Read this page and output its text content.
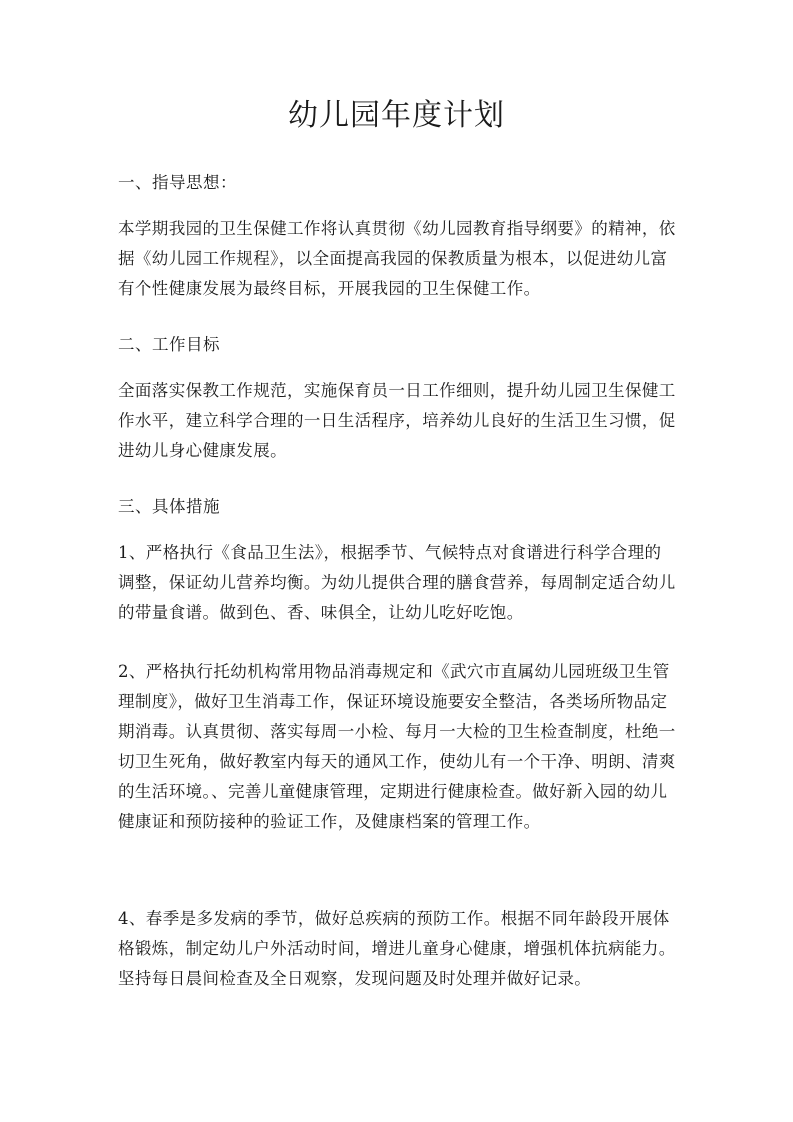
幼儿园年度计划

一、指导思想：

本学期我园的卫生保健工作将认真贯彻《幼儿园教育指导纲要》的精神，依据《幼儿园工作规程》，以全面提高我园的保教质量为根本，以促进幼儿富有个性健康发展为最终目标，开展我园的卫生保健工作。

二、工作目标

全面落实保教工作规范，实施保育员一日工作细则，提升幼儿园卫生保健工作水平，建立科学合理的一日生活程序，培养幼儿良好的生活卫生习惯，促进幼儿身心健康发展。

三、具体措施

1、严格执行《食品卫生法》，根据季节、气候特点对食谱进行科学合理的调整，保证幼儿营养均衡。为幼儿提供合理的膳食营养，每周制定适合幼儿的带量食谱。做到色、香、味俱全，让幼儿吃好吃饱。

2、严格执行托幼机构常用物品消毒规定和《武穴市直属幼儿园班级卫生管理制度》，做好卫生消毒工作，保证环境设施要安全整洁，各类场所物品定期消毒。认真贯彻、落实每周一小检、每月一大检的卫生检查制度，杜绝一切卫生死角，做好教室内每天的通风工作，使幼儿有一个干净、明朗、清爽的生活环境。、完善儿童健康管理，定期进行健康检查。做好新入园的幼儿健康证和预防接种的验证工作，及健康档案的管理工作。

4、春季是多发病的季节，做好总疾病的预防工作。根据不同年龄段开展体格锻炼，制定幼儿户外活动时间，增进儿童身心健康，增强机体抗病能力。坚持每日晨间检查及全日观察，发现问题及时处理并做好记录。
